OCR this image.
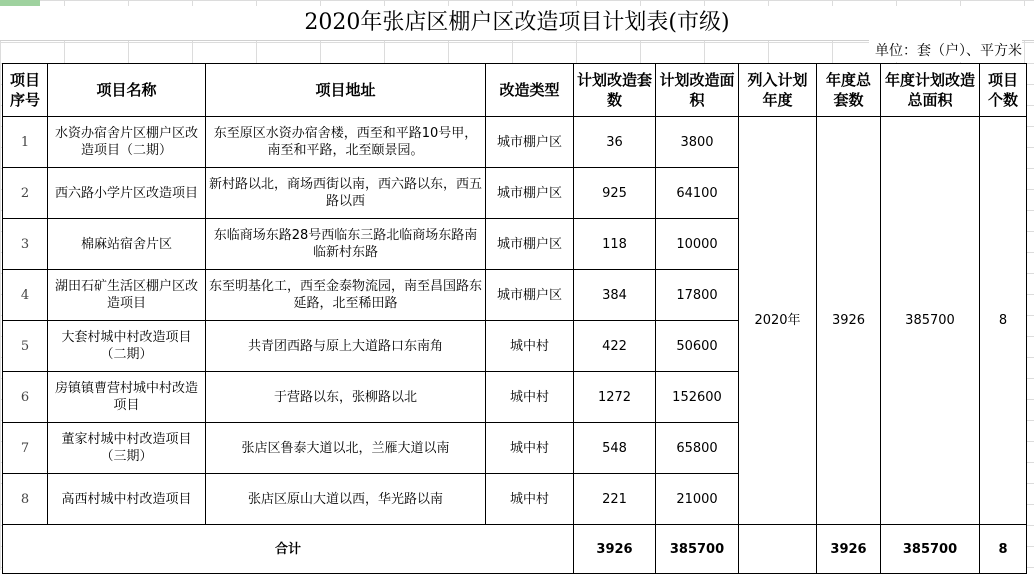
2020年张店区棚户区改造项目计划表(市级)
单位：套（户）、平方米
项目序号	项目名称	项目地址	改造类型	计划改造套数	计划改造面积	列入计划年度	年度总套数	年度计划改造总面积	项目个数
1	水资办宿舍片区棚户区改造项目（二期）	东至原区水资办宿舍楼，西至和平路10号甲，南至和平路，北至颐景园。	城市棚户区	36	3800	2020年	3926	385700	8
2	西六路小学片区改造项目	新村路以北，商场西街以南，西六路以东，西五路以西	城市棚户区	925	64100				
3	棉麻站宿舍片区	东临商场东路28号西临东三路北临商场东路南临新村东路	城市棚户区	118	10000				
4	湖田石矿生活区棚户区改造项目	东至明基化工，西至金泰物流园，南至昌国路东延路，北至稀田路	城市棚户区	384	17800				
5	大套村城中村改造项目（二期）	共青团西路与原上大道路口东南角	城中村	422	50600				
6	房镇镇曹营村城中村改造项目	于营路以东，张柳路以北	城中村	1272	152600				
7	董家村城中村改造项目（三期）	张店区鲁泰大道以北，兰雁大道以南	城中村	548	65800				
8	高西村城中村改造项目	张店区原山大道以西，华光路以南	城中村	221	21000				
合计				3926	385700		3926	385700	8
